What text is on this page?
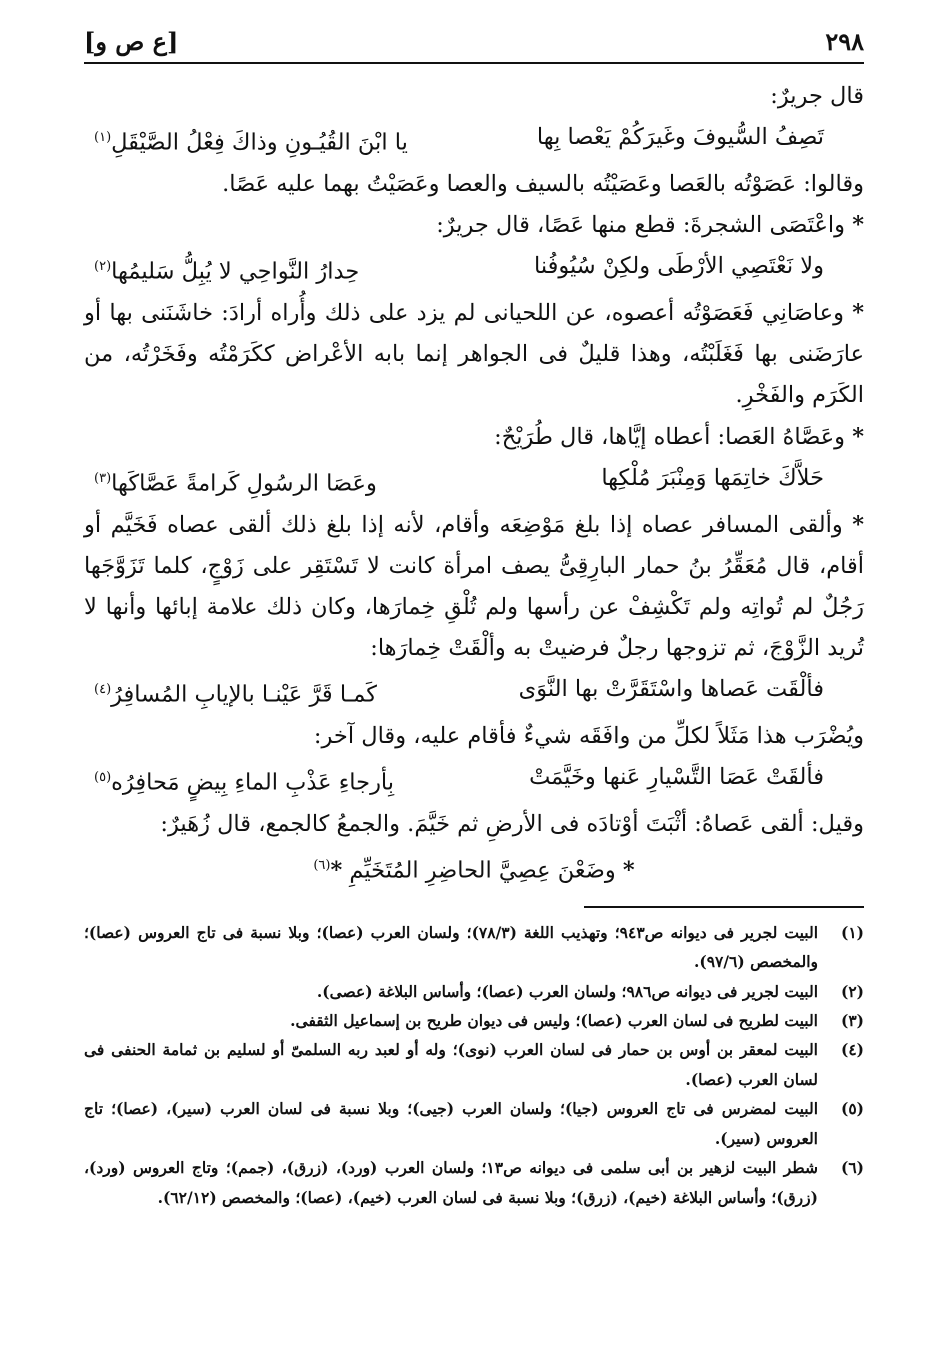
٢٩٨
[ع ص و]

قال جريرٌ:

تَصِفُ السُّيوفَ وغَيرَكُمْ يَعْصا بِها
يا ابْنَ القُيُـونِ وذاكَ فِعْلُ الصَّيْقَلِ$^{(١)}$

وقالوا: عَصَوْتُه بالعَصا وعَصَيْتُه بالسيف والعصا وعَصَيْتُ بهما عليه عَصًا.

* واعْتَصَى الشجرةَ: قطع منها عَصًا، قال جريرٌ:

ولا نَعْتَصِي الأرْطَى ولكِنْ سُيُوفُنا
حِدارُ النَّواحِي لا يُبِلُّ سَليمُها$^{(٢)}$

* وعاصَانِي فَعَصَوْتُه أعصوه، عن اللحيانى لم يزد على ذلك وأُراه أرادَ: خاشَنَنى بها أو عارَضَنى بها فَغَلَبْتُه، وهذا قليلٌ فى الجواهر إنما بابه الأعْراض ككَرَمْتُه وفَخَرْتُه، من الكَرَم والفَخْرِ.

* وعَصَّاهُ العَصا: أعطاه إيَّاها، قال طُرَيْحٌ:

حَلاَّكَ خاتِمَها وَمِنْبَرَ مُلْكِها
وعَصَا الرسُولِ كَرامةً عَصَّاكَها$^{(٣)}$

* وألقى المسافر عصاه إذا بلغ مَوْضِعَه وأقام، لأنه إذا بلغ ذلك ألقى عصاه فَخَيَّم أو أقام، قال مُعَقِّرُ بنُ حمار البارِقِىُّ يصف امرأة كانت لا تَسْتَقِر على زَوْجٍ، كلما تَزَوَّجَها رَجُلٌ لم تُواتِه ولم تَكْشِفْ عن رأسها ولم تُلْقِ خِمارَها، وكان ذلك علامة إبائها وأنها لا تُريد الزَّوْجَ، ثم تزوجها رجلٌ فرضيتْ به وألْقَتْ خِمارَها:

فألْقَت عَصاها واسْتَقَرَّتْ بها النَّوَى
كَمـا قَرَّ عَيْنـا بالإيابِ المُسافِرُ$^{(٤)}$

ويُضْرَب هذا مَثَلاً لكلِّ من وافَقَه شيءٌ فأقام عليه، وقال آخر:

فألقَتْ عَصَا التَّسْيارِ عَنها وخَيَّمَتْ
بِأرجاءِ عَذْبِ الماءِ بِيضٍ مَحافِرُه$^{(٥)}$

وقيل: ألقى عَصاهُ: أثْبَتَ أوْتادَه فى الأرضِ ثم خَيَّمَ. والجمعُ كالجمع، قال زُهَيرٌ:

* وضَعْنَ عِصِيَّ الحاضِرِ المُتَخَيِّمِ *$^{(٦)}$

(١)
البيت لجرير فى ديوانه ص٩٤٣؛ وتهذيب اللغة (٧٨/٣)؛ ولسان العرب (عصا)؛ وبلا نسبة فى تاج العروس (عصا)؛ والمخصص (٩٧/٦).
(٢)
البيت لجرير فى ديوانه ص٩٨٦؛ ولسان العرب (عصا)؛ وأساس البلاغة (عصى).
(٣)
البيت لطريح فى لسان العرب (عصا)؛ وليس فى ديوان طريح بن إسماعيل الثقفى.
(٤)
البيت لمعقر بن أوس بن حمار فى لسان العرب (نوى)؛ وله أو لعبد ربه السلمىّ أو لسليم بن ثمامة الحنفى فى لسان العرب (عصا).
(٥)
البيت لمضرس فى تاج العروس (جيا)؛ ولسان العرب (جيى)؛ وبلا نسبة فى لسان العرب (سير)، (عصا)؛ تاج العروس (سير).
(٦)
شطر البيت لزهير بن أبى سلمى فى ديوانه ص١٣؛ ولسان العرب (ورد)، (زرق)، (جمم)؛ وتاج العروس (ورد)، (زرق)؛ وأساس البلاغة (خيم)، (زرق)؛ وبلا نسبة فى لسان العرب (خيم)، (عصا)؛ والمخصص (٦٢/١٢).
